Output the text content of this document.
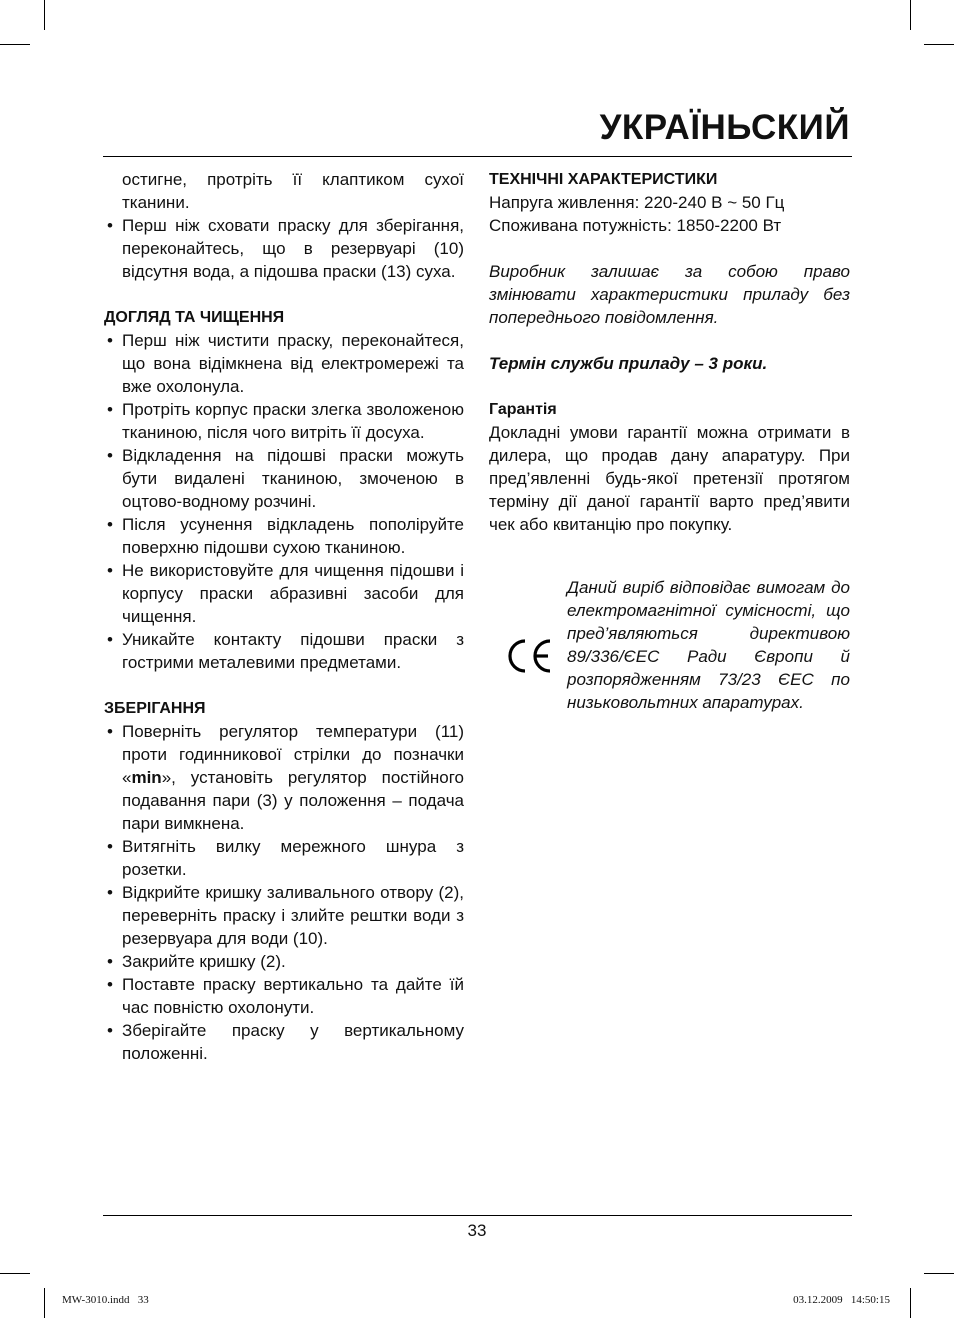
УКРАЇНЬСКИЙ

остигне, протріть її клаптиком сухої тканини.

• Перш ніж сховати праску для зберігання, переконайтесь, що в резервуарі (10) відсутня вода, а підошва праски (13) суха.

ДОГЛЯД ТА ЧИЩЕННЯ

• Перш ніж чистити праску, переконайтеся, що вона відімкнена від електромережі та вже охолонула.
• Протріть корпус праски злегка зволоженою тканиною, після чого витріть її досуха.
• Відкладення на підошві праски можуть бути видалені тканиною, змоченою в оцтово-водному розчині.
• Після усунення відкладень пополіруйте поверхню підошви сухою тканиною.
• Не використовуйте для чищення підошви і корпусу праски абразивні засоби для чищення.
• Уникайте контакту підошви праски з гострими металевими предметами.

ЗБЕРІГАННЯ

• Поверніть регулятор температури (11) проти годинникової стрілки до позначки «min», установіть регулятор постійного подавання пари (3) у положення – подача пари вимкнена.
• Витягніть вилку мережного шнура з розетки.
• Відкрийте кришку заливального отвору (2), переверніть праску і злийте рештки води з резервуара для води (10).
• Закрийте кришку (2).
• Поставте праску вертикально та дайте їй час повністю охолонути.
• Зберігайте праску у вертикальному положенні.

ТЕХНІЧНІ ХАРАКТЕРИСТИКИ

Напруга живлення: 220-240 В ~ 50 Гц

Споживана потужність: 1850-2200 Вт

Виробник залишає за собою право змінювати характеристики приладу без попереднього повідомлення.

Термін служби приладу – 3 роки.

Гарантія

Докладні умови гарантії можна отримати в дилера, що продав дану апаратуру. При пред’явленні будь-якої претензії протягом терміну дії даної гарантії варто пред’явити чек або квитанцію про покупку.

Даний виріб відповідає вимогам до електромагнітної сумісності, що пред’являються директивою 89/336/ЄЕС Ради Європи й розпорядженням 73/23 ЄЕС по низьковольтних апаратурах.

33
MW-3010.indd   33	03.12.2009   14:50:15
